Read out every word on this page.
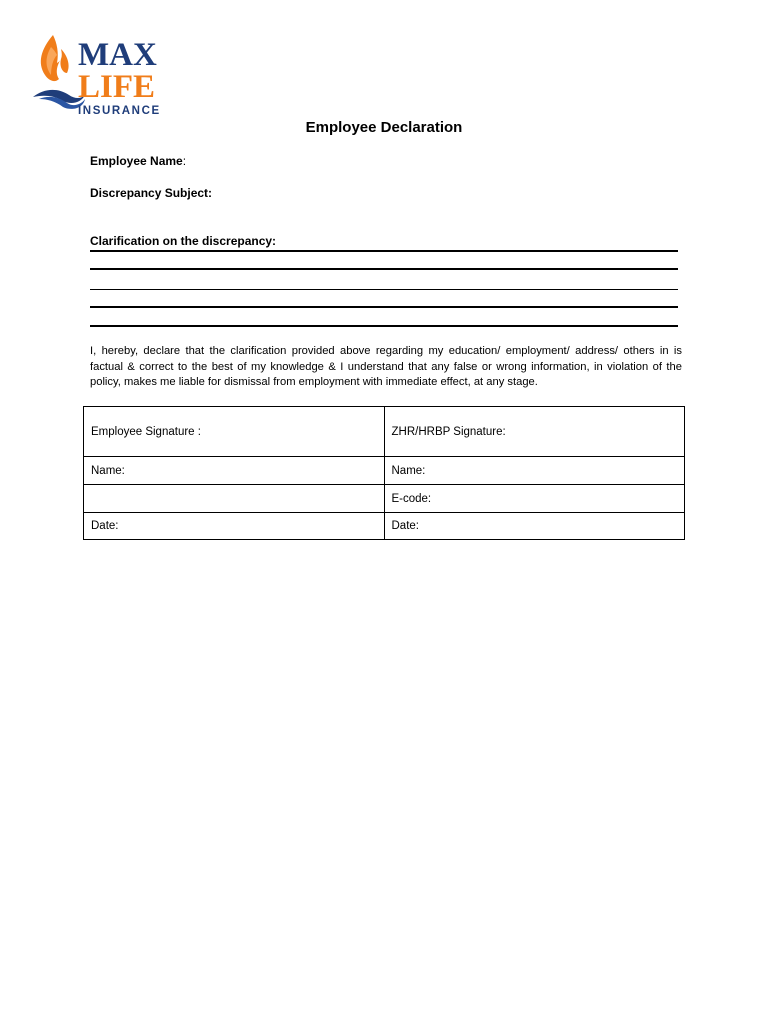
MAX
LIFE
INSURANCE
Employee Declaration
Employee Name:
Discrepancy Subject:
Clarification on the discrepancy:
I, hereby, declare that the clarification provided above regarding my education/ employment/ address/ others in is factual & correct to the best of my knowledge & I understand that any false or wrong information, in violation of the policy, makes me liable for dismissal from employment with immediate effect, at any stage.
Employee Signature :	ZHR/HRBP Signature:
Name:	Name:
	E-code:
Date:	Date:
